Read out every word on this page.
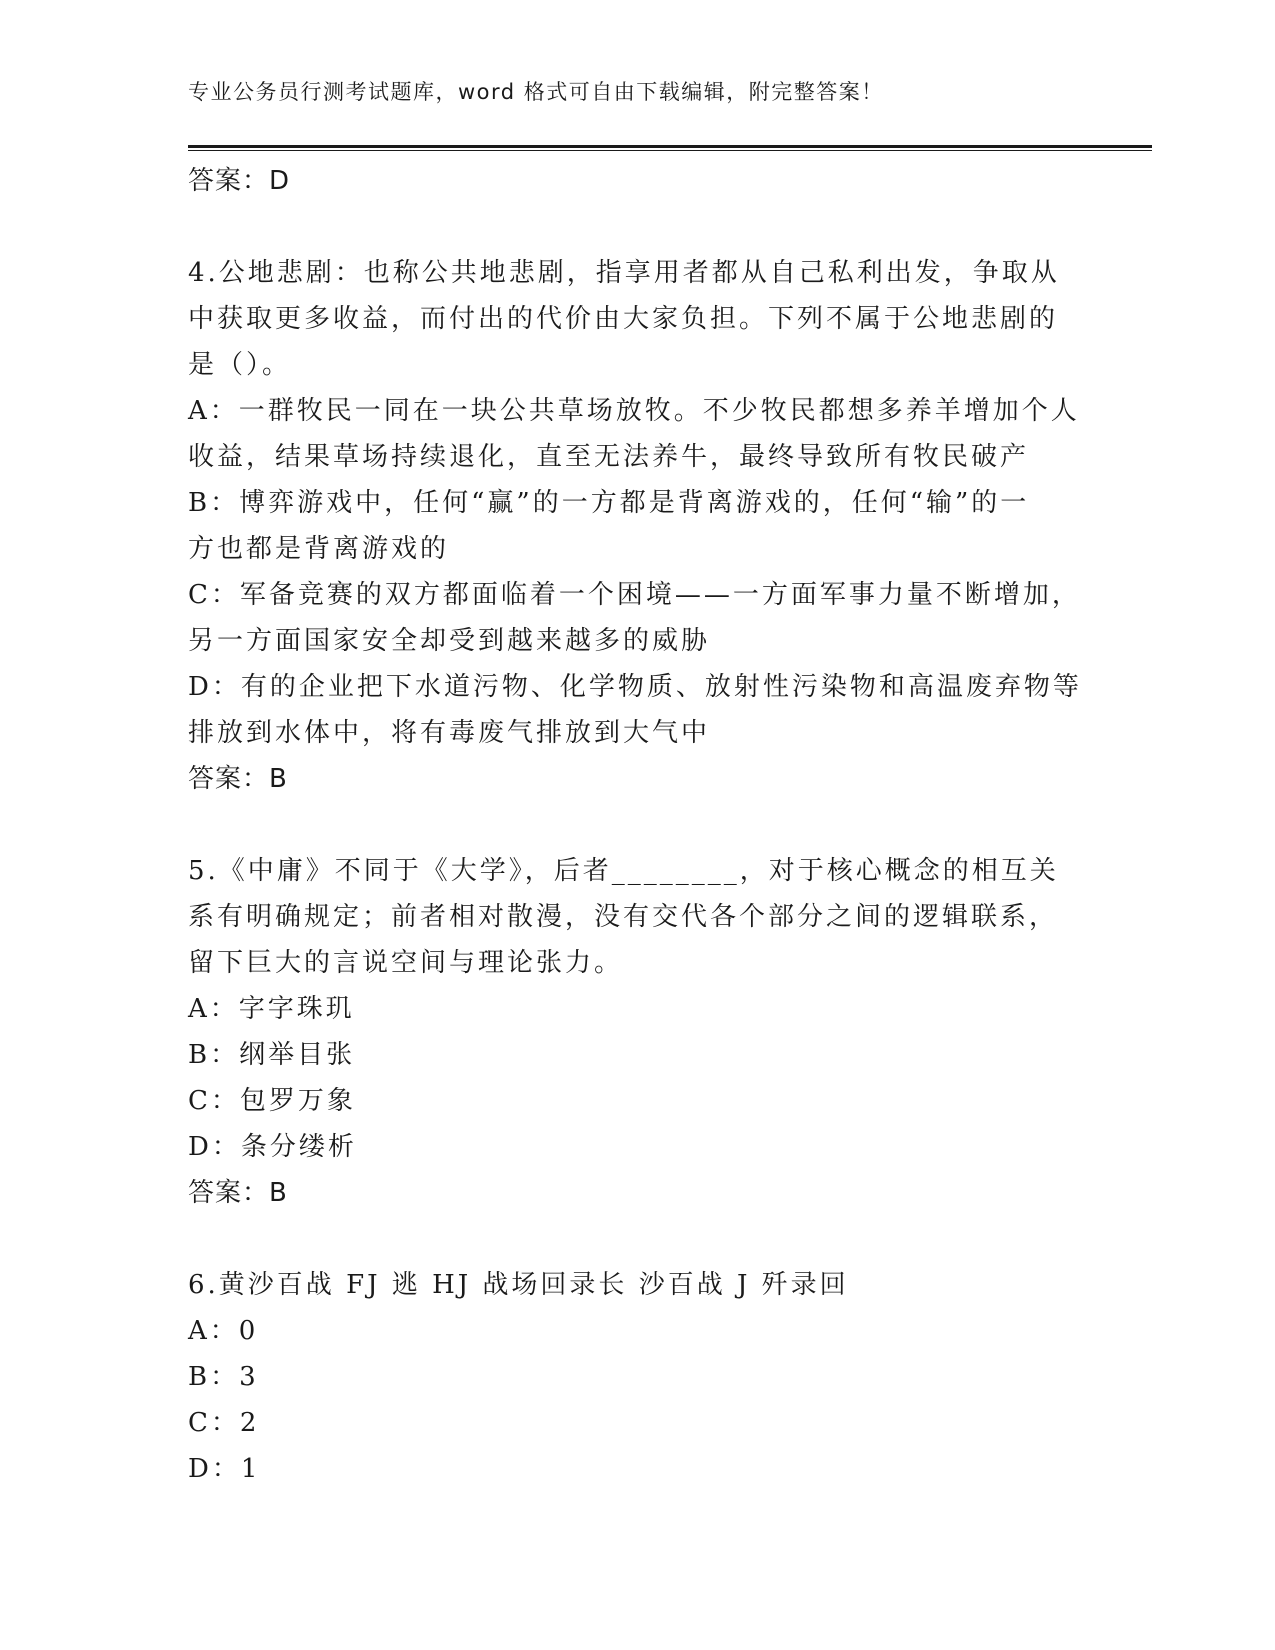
专业公务员行测考试题库，word 格式可自由下载编辑，附完整答案！
答案：D
4.公地悲剧：也称公共地悲剧，指享用者都从自己私利出发，争取从
中获取更多收益，而付出的代价由大家负担。下列不属于公地悲剧的
是（）。
A：一群牧民一同在一块公共草场放牧。不少牧民都想多养羊增加个人
收益，结果草场持续退化，直至无法养牛，最终导致所有牧民破产
B：博弈游戏中，任何“赢”的一方都是背离游戏的，任何“输”的一
方也都是背离游戏的
C：军备竞赛的双方都面临着一个困境——一方面军事力量不断增加，
另一方面国家安全却受到越来越多的威胁
D：有的企业把下水道污物、化学物质、放射性污染物和高温废弃物等
排放到水体中，将有毒废气排放到大气中
答案：B
5.《中庸》不同于《大学》，后者________，对于核心概念的相互关
系有明确规定；前者相对散漫，没有交代各个部分之间的逻辑联系，
留下巨大的言说空间与理论张力。
A：字字珠玑
B：纲举目张
C：包罗万象
D：条分缕析
答案：B
6.黄沙百战 FJ 逃 HJ 战场回录长 沙百战 J 歼录回
A：0
B：3
C：2
D：1
